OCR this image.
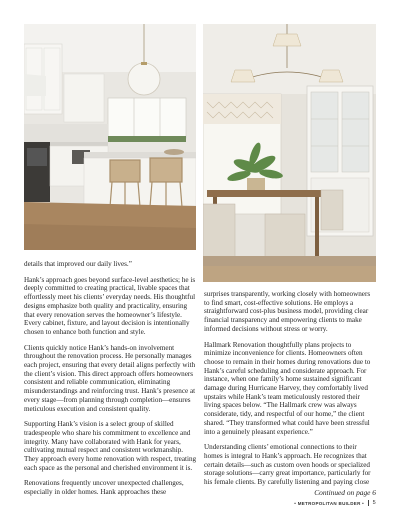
details that improved our daily lives.”

Hank’s approach goes beyond surface-level aesthetics; he is deeply committed to creating practical, livable spaces that effortlessly meet his clients’ everyday needs. His thoughtful designs emphasize both quality and practicality, ensuring that every renovation serves the homeowner’s lifestyle. Every cabinet, fixture, and layout decision is intentionally chosen to enhance both function and style.

Clients quickly notice Hank’s hands-on involvement throughout the renovation process. He personally manages each project, ensuring that every detail aligns perfectly with the client’s vision. This direct approach offers homeowners consistent and reliable communication, eliminating misunderstandings and reinforcing trust. Hank’s presence at every stage—from planning through completion—ensures meticulous execution and consistent quality.

Supporting Hank’s vision is a select group of skilled tradespeople who share his commitment to excellence and integrity. Many have collaborated with Hank for years, cultivating mutual respect and consistent workmanship. They approach every home renovation with respect, treating each space as the personal and cherished environment it is.

Renovations frequently uncover unexpected challenges, especially in older homes. Hank approaches these

surprises transparently, working closely with homeowners to find smart, cost-effective solutions. He employs a straightforward cost-plus business model, providing clear financial transparency and empowering clients to make informed decisions without stress or worry.

Hallmark Renovation thoughtfully plans projects to minimize inconvenience for clients. Homeowners often choose to remain in their homes during renovations due to Hank’s careful scheduling and considerate approach. For instance, when one family’s home sustained significant damage during Hurricane Harvey, they comfortably lived upstairs while Hank’s team meticulously restored their living spaces below. “The Hallmark crew was always considerate, tidy, and respectful of our home,” the client shared. “They transformed what could have been stressful into a genuinely pleasant experience.”

Understanding clients’ emotional connections to their homes is integral to Hank’s approach. He recognizes that certain details—such as custom oven hoods or specialized storage solutions—carry great importance, particularly for his female clients. By carefully listening and paying close

Continued on page 6
• METROPOLITAN BUILDER • 5
